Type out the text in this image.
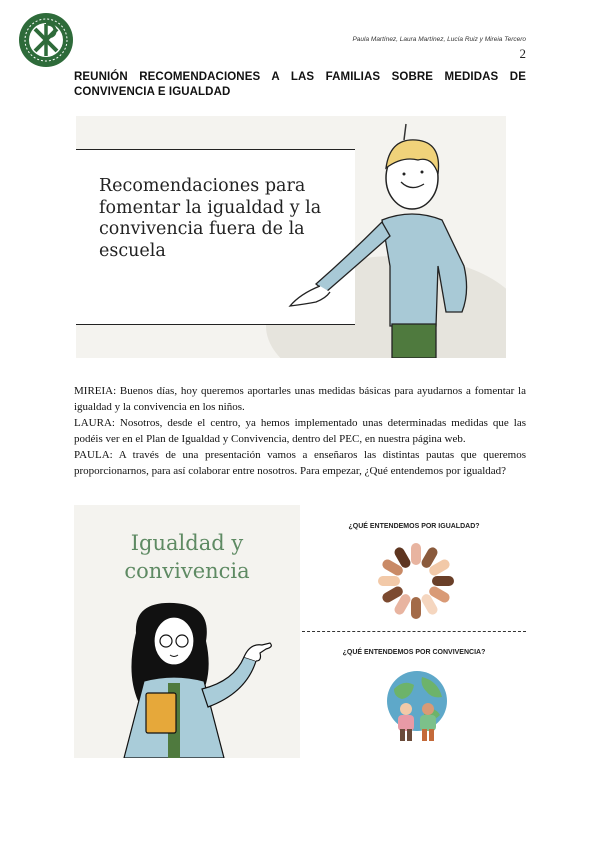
Paula Martínez, Laura Martínez, Lucía Ruiz y Mireia Tercero
2
REUNIÓN RECOMENDACIONES A LAS FAMILIAS SOBRE MEDIDAS DE CONVIVENCIA E IGUALDAD
Recomendaciones para fomentar la igualdad y la convivencia fuera de la escuela

MIREIA: Buenos días, hoy queremos aportarles unas medidas básicas para ayudarnos a fomentar la igualdad y la convivencia en los niños.

LAURA: Nosotros, desde el centro, ya hemos implementado unas determinadas medidas que las podéis ver en el Plan de Igualdad y Convivencia, dentro del PEC, en nuestra página web.

PAULA: A través de una presentación vamos a enseñaros las distintas pautas que queremos proporcionarnos, para así colaborar entre nosotros. Para empezar, ¿Qué entendemos por igualdad?

Igualdad y
convivencia
¿QUÉ ENTENDEMOS POR IGUALDAD?
¿QUÉ ENTENDEMOS POR CONVIVENCIA?
